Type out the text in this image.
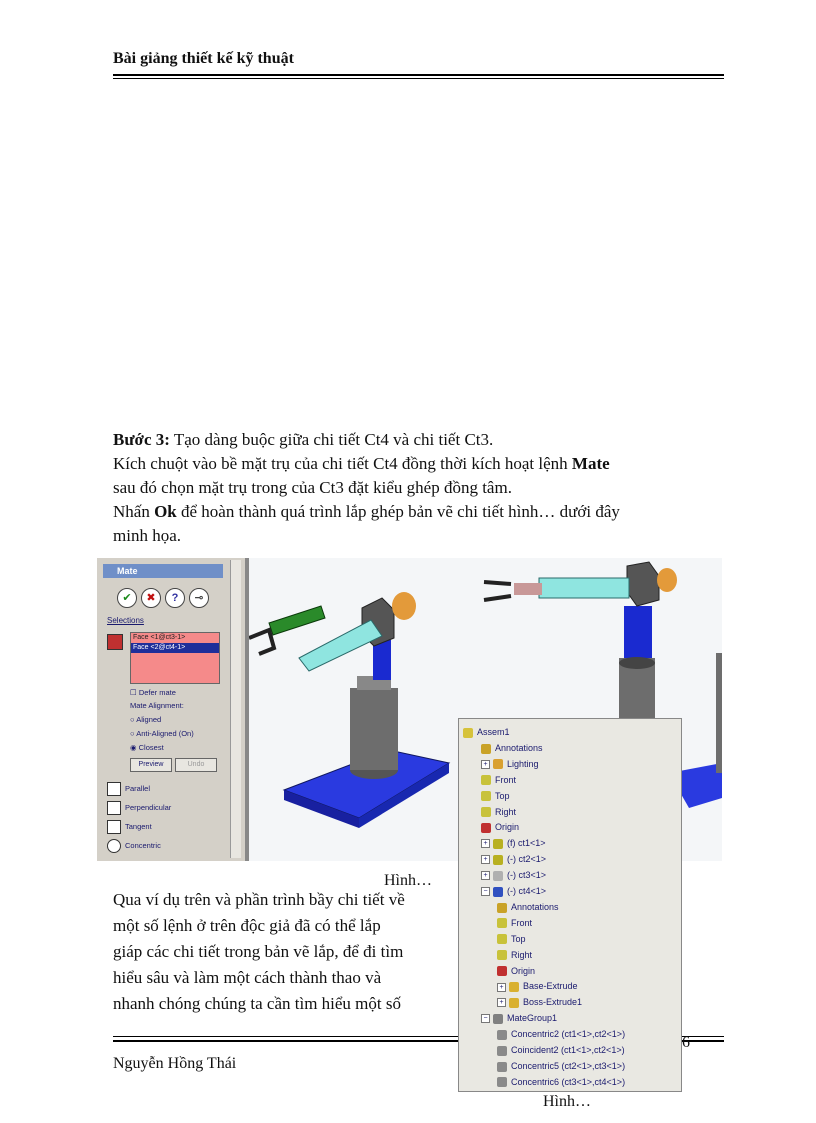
Bài giảng thiết kế kỹ thuật
Bước 3: Tạo dàng buộc giữa chi tiết Ct4 và chi tiết Ct3.
Kích chuột vào bề mặt trụ của chi tiết Ct4 đồng thời kích hoạt lệnh Mate
sau đó chọn mặt trụ trong của Ct3 đặt kiểu ghép đồng tâm.
Nhấn Ok để hoàn thành quá trình lắp ghép bản vẽ chi tiết hình… dưới đây
minh họa.
Mate
✔	✖	?	⊸
Selections
Face <1@ct3-1>
Face <2@ct4-1>
☐ Defer mate
Mate Alignment:
○ Aligned
○ Anti-Aligned (On)
◉ Closest
Preview	Undo
Parallel
Perpendicular
Tangent
Concentric
Hình…
Qua ví dụ trên và phần trình bầy chi tiết về
một số lệnh ở trên độc giả đã có thể lắp
giáp các chi tiết trong bản vẽ lắp, để đi tìm
hiểu sâu và làm một cách thành thao và
nhanh chóng chúng ta cần tìm hiểu một số
Nguyễn Hồng Thái
6
Assem1
Annotations
+ Lighting
Front
Top
Right
Origin
+ (f) ct1<1>
+ (-) ct2<1>
+ (-) ct3<1>
− (-) ct4<1>
Annotations
Front
Top
Right
Origin
+ Base-Extrude
+ Boss-Extrude1
− MateGroup1
Concentric2 (ct1<1>,ct2<1>)
Coincident2 (ct1<1>,ct2<1>)
Concentric5 (ct2<1>,ct3<1>)
Concentric6 (ct3<1>,ct4<1>)
Hình…
